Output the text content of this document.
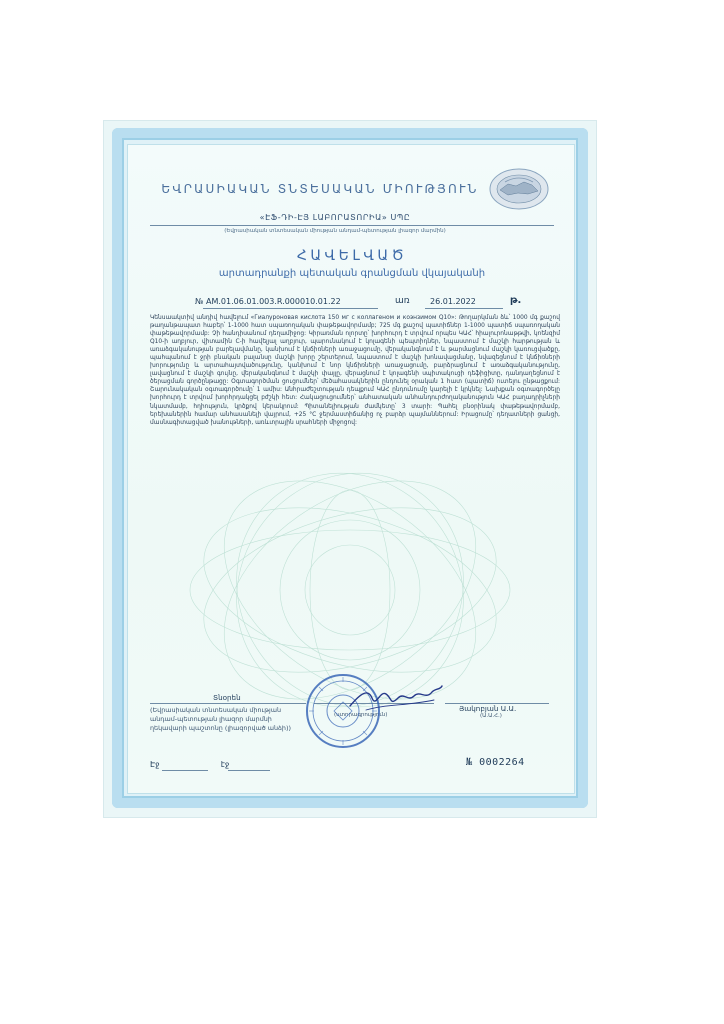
ԵՎՐԱՍԻԱԿԱՆ ՏՆՏԵՍԱԿԱՆ ՄԻՈՒԹՅՈՒՆ
«ԷՖ-ԴԻ-ԷՅ ԼԱԲՈՐԱՏՈՐԻԱ» ՍՊԸ
(Եվրասիական տնտեսական միության անդամ-պետության լիազոր մարմին)
ՀԱՎԵԼՎԱԾ
արտադրանքի պետական գրանցման վկայականի
№ AM.01.06.01.003.R.000010.01.22	առ	26.01.2022	թ.
Կենսաակտիվ անդիվ հավելում «Гиалуроновая кислота 150 мг с коллагеном и коэнзимом Q10»: Թողարկման ձև՝ 1000 մգ քաշով թաղանթապատ հաբեր՝ 1-1000 հատ սպառողական փաթեթավորմամբ; 725 մգ քաշով պատիճներ 1-1000 պատիճ սպառողական փաթեթավորմամբ: Չի հանդիսանում դեղամիջոց: Կիրառման ոլորտը՝ խորհուրդ է տրվում որպես ԿԱՀ՝ հիալուրոնաթթվի, կոենզիմ Q10-ի աղբյուր, վիտամին C-ի հավելյալ աղբյուր, պարունակում է կոլագենի պեպտիդներ, նպաստում է մաշկի հարթության և առաձգականության բարելավմանը, կանխում է կնճիռների առաջացումը, վերականգնում է և թարմացնում մաշկի կառուցվածքը, պահպանում է ջրի բնական բալանսը մաշկի խորը շերտերում, նպաստում է մաշկի խոնավացմանը, նվազեցնում է կնճիռների խորությունը և արտահայտվածությունը, կանխում է նոր կնճիռների առաջացումը, բարձրացնում է առաձգականությունը, լավացնում է մաշկի գույնը, վերականգնում է մաշկի փայլը, վերացնում է կոլագենի սպիտակուցի դեֆիցիտը, դանդաղեցնում է ծերացման գործընթացը: Օգտագործման ցուցումներ՝ մեծահասակներին ընդունել օրական 1 հատ (պատիճ) ուտելու ընթացքում: Շարունակական օգտագործումը՝ 1 ամիս: Անհրաժեշտության դեպքում ԿԱՀ ընդունումը կարելի է կրկնել: Նախքան օգտագործելը խորհուրդ է տրվում խորհրդակցել բժշկի հետ: Հակացուցումներ՝ անհատական անհանդուրժողականություն ԿԱՀ բաղադրիչների նկատմամբ, հղիություն, կրծքով կերակրում: Պիտանելիության ժամկետը՝ 3 տարի: Պահել բնօրինակ փաթեթավորմամբ, երեխաներին համար անհասանելի վայրում, +25 °C ջերմաստիճանից ոչ բարձր պայմաններում: Իրացումը՝ դեղատների ցանցի, մասնագիտացված խանութների, առևտրային սրահների միջոցով:
Տնօրեն
(Եվրասիական տնտեսական միության անդամ-պետության լիազոր մարմնի ղեկավարի պաշտոնը (լիազորված անձի))
(ստորագրություն)
Յակոբյան Ա.Ա.
(Ա.Ա.Հ.)
Էջ	էջ	№ 0002264
